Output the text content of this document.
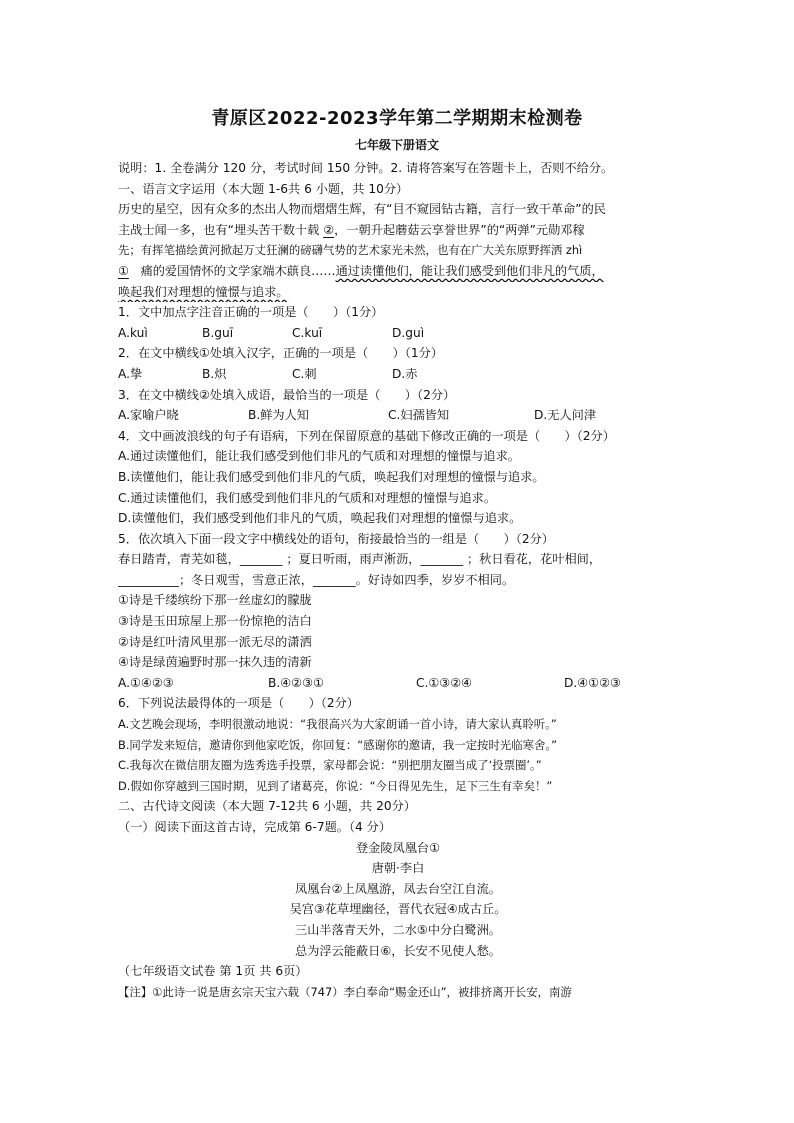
青原区2022-2023学年第二学期期末检测卷
七年级下册语文
说明：1. 全卷满分 120 分，考试时间 150 分钟。2. 请将答案写在答题卡上，否则不给分。
一、语言文字运用（本大题 1-6共 6 小题，共 10分）
历史的星空，因有众多的杰出人物而熠熠生辉，有“目不窥园钻古籍，言行一致干革命”的民
主战士闻一多，也有“埋头苦干数十载 ②，一朝升起蘑菇云享誉世界”的“两弹”元勋邓稼
先；有挥笔描绘黄河掀起万丈狂澜的磅礴气势的艺术家光未然，也有在广大关东原野挥洒 zhì
① 痛的爱国情怀的文学家端木蕻良……通过读懂他们，能让我们感受到他们非凡的气质，
唤起我们对理想的憧憬与追求。
1．文中加点字注音正确的一项是（　　）（1分）
A.kuì	B.guī	C.kuī	D.guì
2．在文中横线①处填入汉字，正确的一项是（　　）（1分）
A.挚	B.炽	C.刺	D.赤
3．在文中横线②处填入成语，最恰当的一项是（　　）（2分）
A.家喻户晓	B.鲜为人知	C.妇孺皆知	D.无人问津
4．文中画波浪线的句子有语病，下列在保留原意的基础下修改正确的一项是（　　）（2分）
A.通过读懂他们，能让我们感受到他们非凡的气质和对理想的憧憬与追求。
B.读懂他们，能让我们感受到他们非凡的气质，唤起我们对理想的憧憬与追求。
C.通过读懂他们，我们感受到他们非凡的气质和对理想的憧憬与追求。
D.读懂他们，我们感受到他们非凡的气质，唤起我们对理想的憧憬与追求。
5．依次填入下面一段文字中横线处的语句，衔接最恰当的一组是（　　）（2分）
春日踏青，青芜如毯，_______ ；夏日听雨，雨声淅沥，_______ ；秋日看花，花叶相间，
__________；冬日观雪，雪意正浓，_______。好诗如四季，岁岁不相同。
①诗是千缕缤纷下那一丝虚幻的朦胧
③诗是玉田琼屋上那一份惊艳的洁白
②诗是红叶清风里那一派无尽的潇洒
④诗是绿茵遍野时那一抹久违的清新
A.①④②③	B.④②③①	C.①③②④	D.④①②③
6．下列说法最得体的一项是（　　）（2分）
A.文艺晚会现场，李明很激动地说：“我很高兴为大家朗诵一首小诗，请大家认真聆听。”
B.同学发来短信，邀请你到他家吃饭，你回复：“感谢你的邀请，我一定按时光临寒舍。”
C.我每次在微信朋友圈为选秀选手投票，家母都会说：“别把朋友圈当成了‘投票圈’。”
D.假如你穿越到三国时期，见到了诸葛亮，你说：“今日得见先生，足下三生有幸矣！”
二、古代诗文阅读（本大题 7-12共 6 小题，共 20分）
（一）阅读下面这首古诗，完成第 6-7题。（4 分）
登金陵凤凰台①
唐朝·李白
凤凰台②上凤凰游，凤去台空江自流。
吴宫③花草埋幽径，晋代衣冠④成古丘。
三山半落青天外，二水⑤中分白鹭洲。
总为浮云能蔽日⑥，长安不见使人愁。
（七年级语文试卷 第 1页 共 6页）
【注】①此诗一说是唐玄宗天宝六载（747）李白奉命“赐金还山”，被排挤离开长安，南游
